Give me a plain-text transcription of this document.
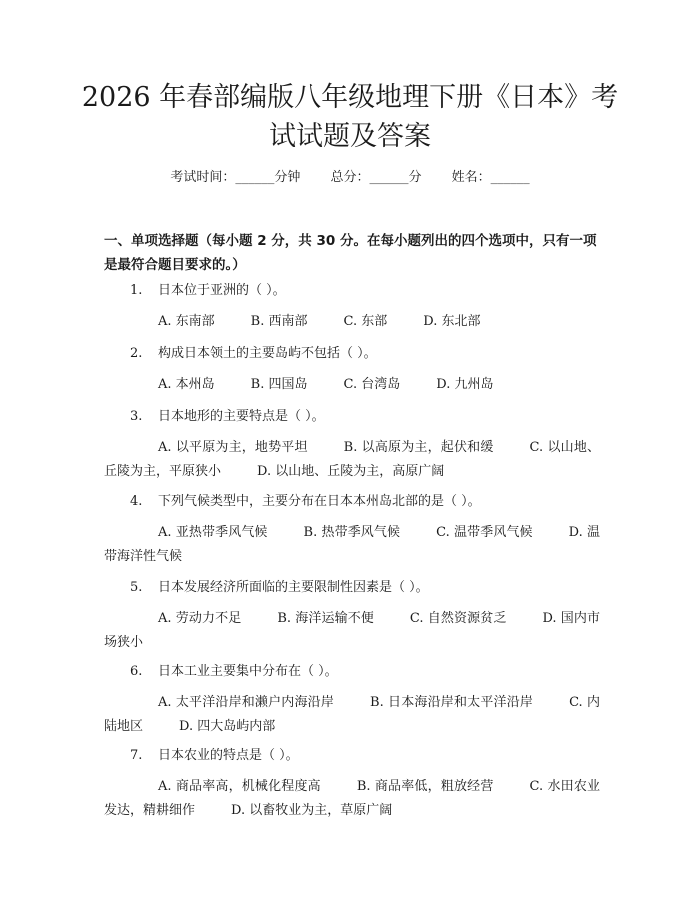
2026 年春部编版八年级地理下册《日本》考
试试题及答案
考试时间：______分钟 总分：______分 姓名：______
一、单项选择题（每小题 2 分，共 30 分。在每小题列出的四个选项中，只有一项是最符合题目要求的。）
1. 日本位于亚洲的（ ）。
A. 东南部	B. 西南部	C. 东部	D. 东北部
2. 构成日本领土的主要岛屿不包括（ ）。
A. 本州岛	B. 四国岛	C. 台湾岛	D. 九州岛
3. 日本地形的主要特点是（ ）。
A. 以平原为主，地势平坦	B. 以高原为主，起伏和缓	C. 以山地、丘陵为主，平原狭小	D. 以山地、丘陵为主，高原广阔
4. 下列气候类型中，主要分布在日本本州岛北部的是（ ）。
A. 亚热带季风气候	B. 热带季风气候	C. 温带季风气候	D. 温带海洋性气候
5. 日本发展经济所面临的主要限制性因素是（ ）。
A. 劳动力不足	B. 海洋运输不便	C. 自然资源贫乏	D. 国内市场狭小
6. 日本工业主要集中分布在（ ）。
A. 太平洋沿岸和濑户内海沿岸	B. 日本海沿岸和太平洋沿岸	C. 内陆地区	D. 四大岛屿内部
7. 日本农业的特点是（ ）。
A. 商品率高，机械化程度高	B. 商品率低，粗放经营	C. 水田农业发达，精耕细作	D. 以畜牧业为主，草原广阔
